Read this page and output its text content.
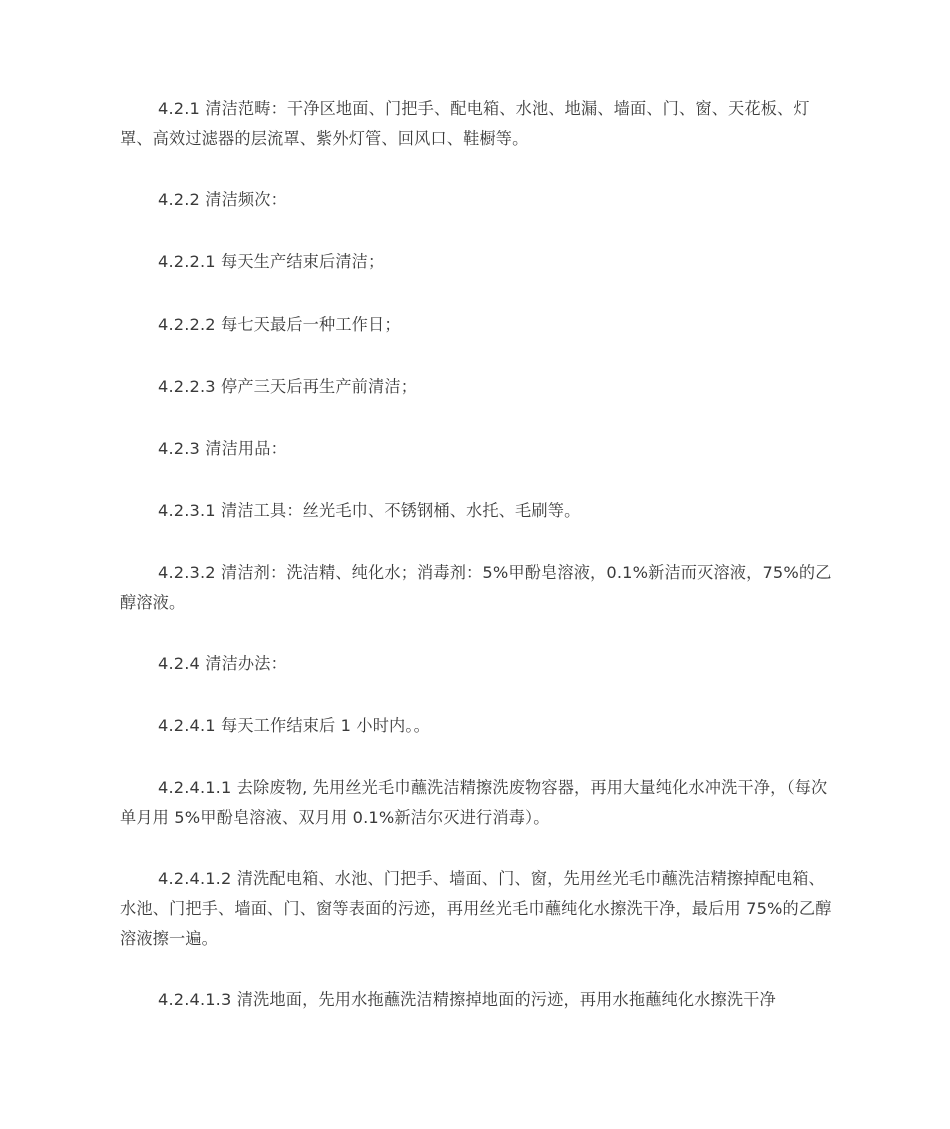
4.2.1 清洁范畴：干净区地面、门把手、配电箱、水池、地漏、墙面、门、窗、天花板、灯罩、高效过滤器的层流罩、紫外灯管、回风口、鞋橱等。
4.2.2 清洁频次：
4.2.2.1 每天生产结束后清洁；
4.2.2.2 每七天最后一种工作日；
4.2.2.3 停产三天后再生产前清洁；
4.2.3 清洁用品：
4.2.3.1 清洁工具：丝光毛巾、不锈钢桶、水托、毛刷等。
4.2.3.2 清洁剂：洗洁精、纯化水；消毒剂：5%甲酚皂溶液，0.1%新洁而灭溶液，75%的乙醇溶液。
4.2.4 清洁办法：
4.2.4.1 每天工作结束后 1 小时内。。
4.2.4.1.1 去除废物, 先用丝光毛巾蘸洗洁精擦洗废物容器，再用大量纯化水冲洗干净，（每次单月用 5%甲酚皂溶液、双月用 0.1%新洁尔灭进行消毒）。
4.2.4.1.2 清洗配电箱、水池、门把手、墙面、门、窗，先用丝光毛巾蘸洗洁精擦掉配电箱、水池、门把手、墙面、门、窗等表面的污迹，再用丝光毛巾蘸纯化水擦洗干净，最后用 75%的乙醇溶液擦一遍。
4.2.4.1.3 清洗地面，先用水拖蘸洗洁精擦掉地面的污迹，再用水拖蘸纯化水擦洗干净
